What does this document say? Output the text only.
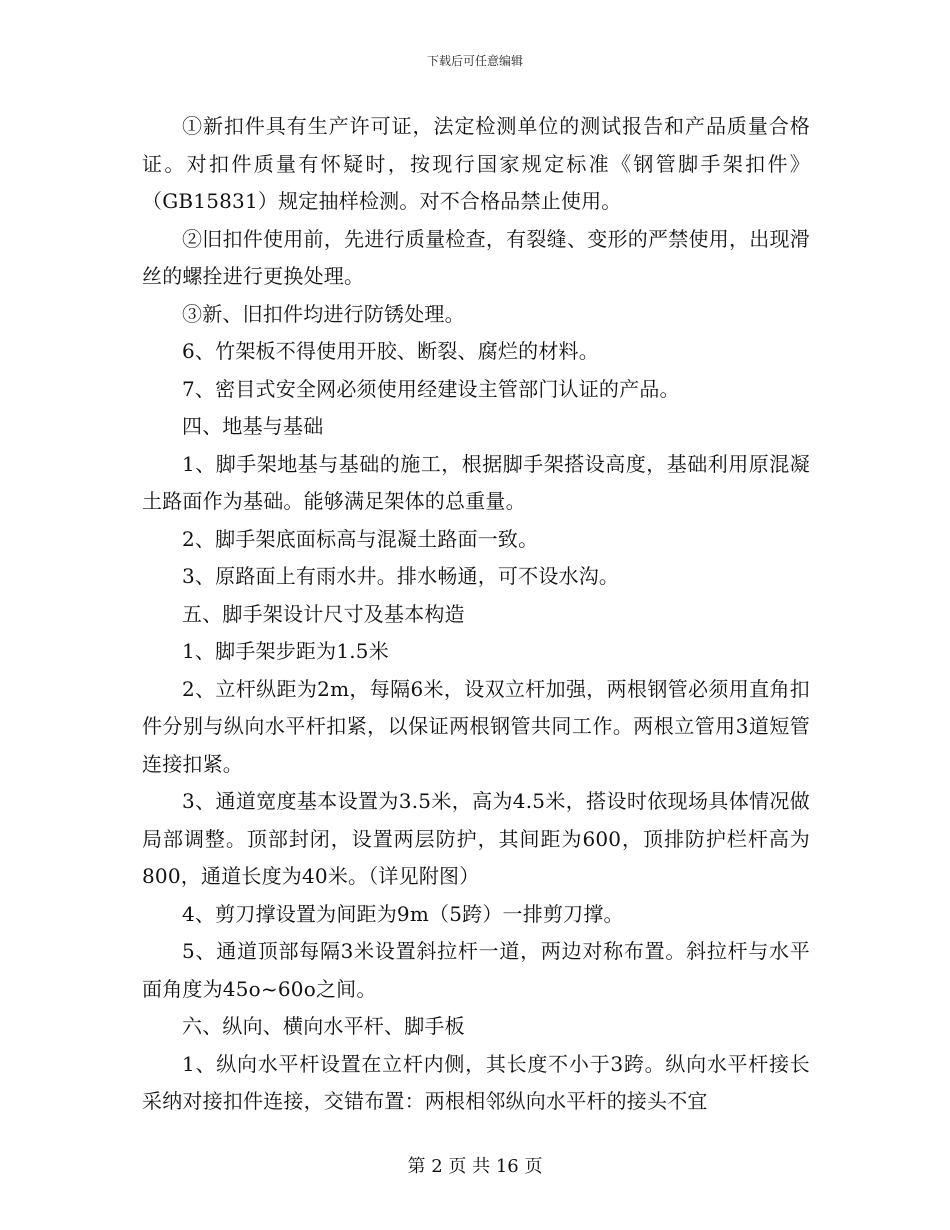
下载后可任意编辑

①新扣件具有生产许可证，法定检测单位的测试报告和产品质量合格证。对扣件质量有怀疑时，按现行国家规定标准《钢管脚手架扣件》（GB15831）规定抽样检测。对不合格品禁止使用。

②旧扣件使用前，先进行质量检查，有裂缝、变形的严禁使用，出现滑丝的螺拴进行更换处理。

③新、旧扣件均进行防锈处理。

6、竹架板不得使用开胶、断裂、腐烂的材料。

7、密目式安全网必须使用经建设主管部门认证的产品。

四、地基与基础

1、脚手架地基与基础的施工，根据脚手架搭设高度，基础利用原混凝土路面作为基础。能够满足架体的总重量。

2、脚手架底面标高与混凝土路面一致。

3、原路面上有雨水井。排水畅通，可不设水沟。

五、脚手架设计尺寸及基本构造

1、脚手架步距为1.5米

2、立杆纵距为2m，每隔6米，设双立杆加强，两根钢管必须用直角扣件分别与纵向水平杆扣紧，以保证两根钢管共同工作。两根立管用3道短管连接扣紧。

3、通道宽度基本设置为3.5米，高为4.5米，搭设时依现场具体情况做局部调整。顶部封闭，设置两层防护，其间距为600，顶排防护栏杆高为800，通道长度为40米。（详见附图）

4、剪刀撑设置为间距为9m（5跨）一排剪刀撑。

5、通道顶部每隔3米设置斜拉杆一道，两边对称布置。斜拉杆与水平面角度为45o~60o之间。

六、纵向、横向水平杆、脚手板

1、纵向水平杆设置在立杆内侧，其长度不小于3跨。纵向水平杆接长采纳对接扣件连接，交错布置：两根相邻纵向水平杆的接头不宜

第 2 页 共 16 页
